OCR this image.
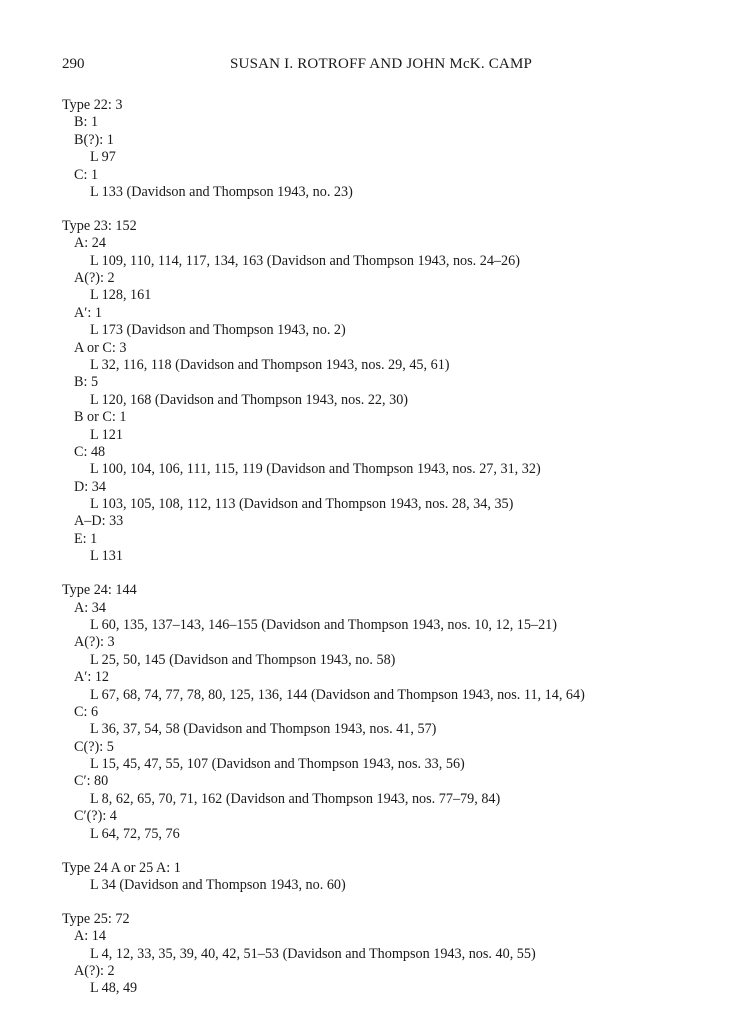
290	SUSAN I. ROTROFF AND JOHN McK. CAMP
Type 22: 3
B: 1
B(?): 1
L 97
C: 1
L 133 (Davidson and Thompson 1943, no. 23)
Type 23: 152
A: 24
L 109, 110, 114, 117, 134, 163 (Davidson and Thompson 1943, nos. 24–26)
A(?): 2
L 128, 161
A′: 1
L 173 (Davidson and Thompson 1943, no. 2)
A or C: 3
L 32, 116, 118 (Davidson and Thompson 1943, nos. 29, 45, 61)
B: 5
L 120, 168 (Davidson and Thompson 1943, nos. 22, 30)
B or C: 1
L 121
C: 48
L 100, 104, 106, 111, 115, 119 (Davidson and Thompson 1943, nos. 27, 31, 32)
D: 34
L 103, 105, 108, 112, 113 (Davidson and Thompson 1943, nos. 28, 34, 35)
A–D: 33
E: 1
L 131
Type 24: 144
A: 34
L 60, 135, 137–143, 146–155 (Davidson and Thompson 1943, nos. 10, 12, 15–21)
A(?): 3
L 25, 50, 145 (Davidson and Thompson 1943, no. 58)
A′: 12
L 67, 68, 74, 77, 78, 80, 125, 136, 144 (Davidson and Thompson 1943, nos. 11, 14, 64)
C: 6
L 36, 37, 54, 58 (Davidson and Thompson 1943, nos. 41, 57)
C(?): 5
L 15, 45, 47, 55, 107 (Davidson and Thompson 1943, nos. 33, 56)
C′: 80
L 8, 62, 65, 70, 71, 162 (Davidson and Thompson 1943, nos. 77–79, 84)
C′(?): 4
L 64, 72, 75, 76
Type 24 A or 25 A: 1
L 34 (Davidson and Thompson 1943, no. 60)
Type 25: 72
A: 14
L 4, 12, 33, 35, 39, 40, 42, 51–53 (Davidson and Thompson 1943, nos. 40, 55)
A(?): 2
L 48, 49
